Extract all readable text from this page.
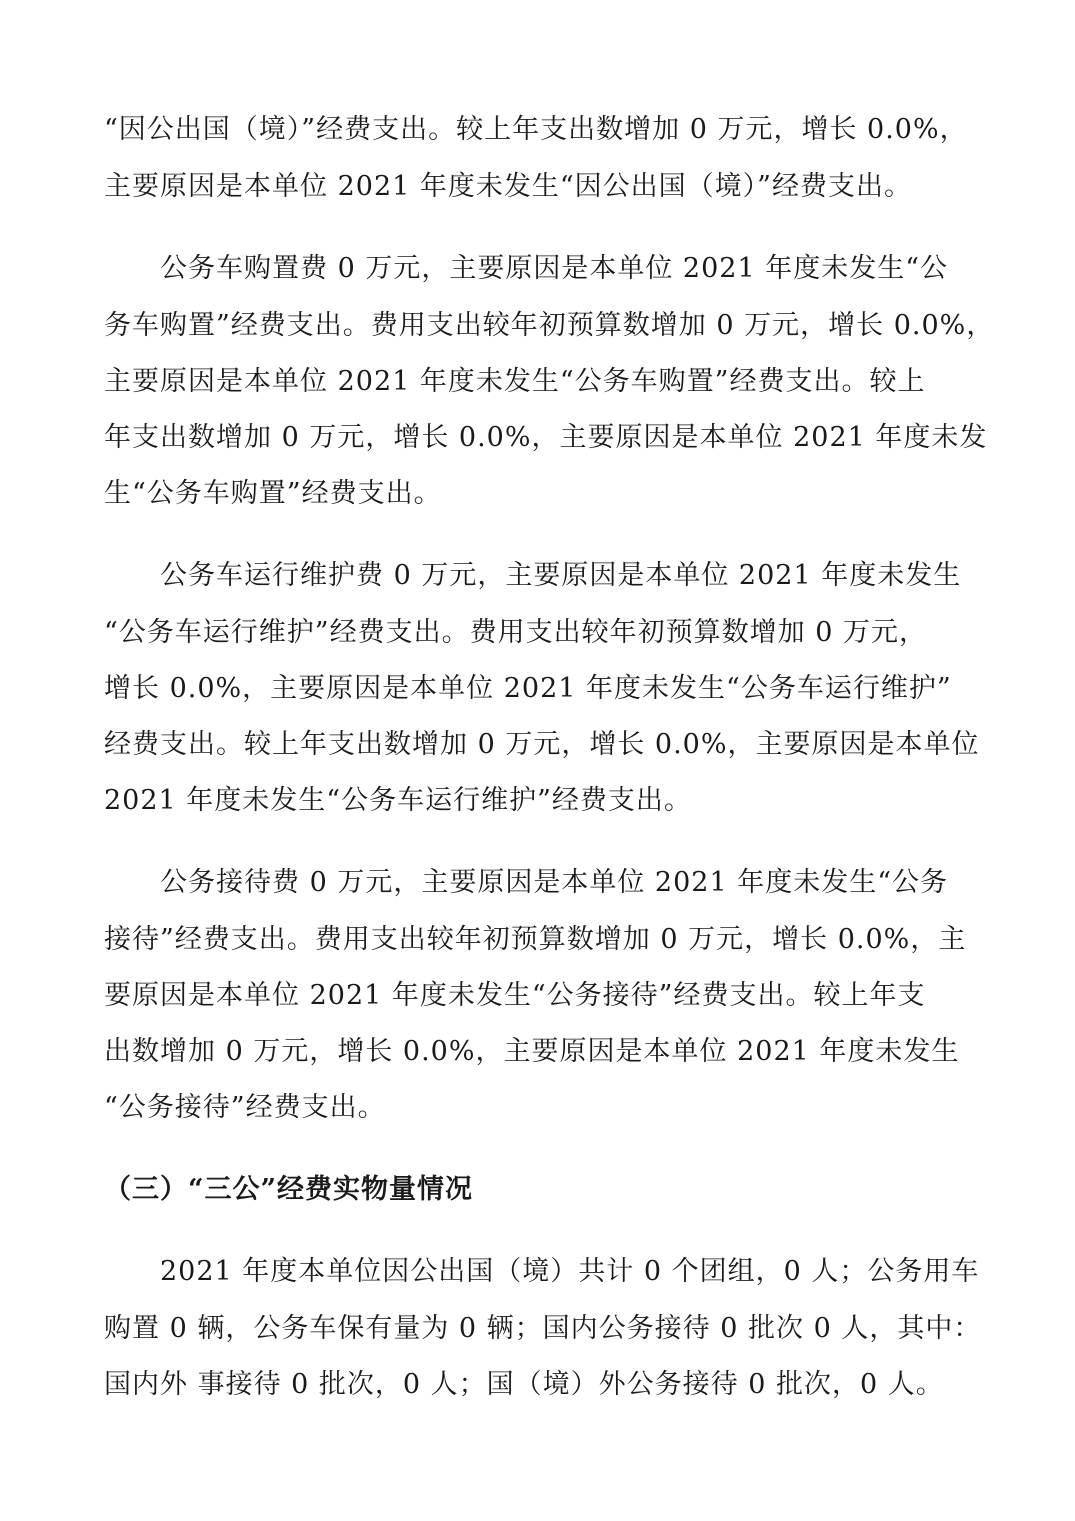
“因公出国（境）”经费支出。较上年支出数增加 0 万元，增长 0.0%，
主要原因是本单位 2021 年度未发生“因公出国（境）”经费支出。
公务车购置费 0 万元，主要原因是本单位 2021 年度未发生“公
务车购置”经费支出。费用支出较年初预算数增加 0 万元，增长 0.0%，
主要原因是本单位 2021 年度未发生“公务车购置”经费支出。较上
年支出数增加 0 万元，增长 0.0%，主要原因是本单位 2021 年度未发
生“公务车购置”经费支出。
公务车运行维护费 0 万元，主要原因是本单位 2021 年度未发生
“公务车运行维护”经费支出。费用支出较年初预算数增加 0 万元，
增长 0.0%，主要原因是本单位 2021 年度未发生“公务车运行维护”
经费支出。较上年支出数增加 0 万元，增长 0.0%，主要原因是本单位
2021 年度未发生“公务车运行维护”经费支出。
公务接待费 0 万元，主要原因是本单位 2021 年度未发生“公务
接待”经费支出。费用支出较年初预算数增加 0 万元，增长 0.0%，主
要原因是本单位 2021 年度未发生“公务接待”经费支出。较上年支
出数增加 0 万元，增长 0.0%，主要原因是本单位 2021 年度未发生
“公务接待”经费支出。
（三）“三公”经费实物量情况
2021 年度本单位因公出国（境）共计 0 个团组，0 人；公务用车
购置 0 辆，公务车保有量为 0 辆；国内公务接待 0 批次 0 人，其中：
国内外 事接待 0 批次，0 人；国（境）外公务接待 0 批次，0 人。
